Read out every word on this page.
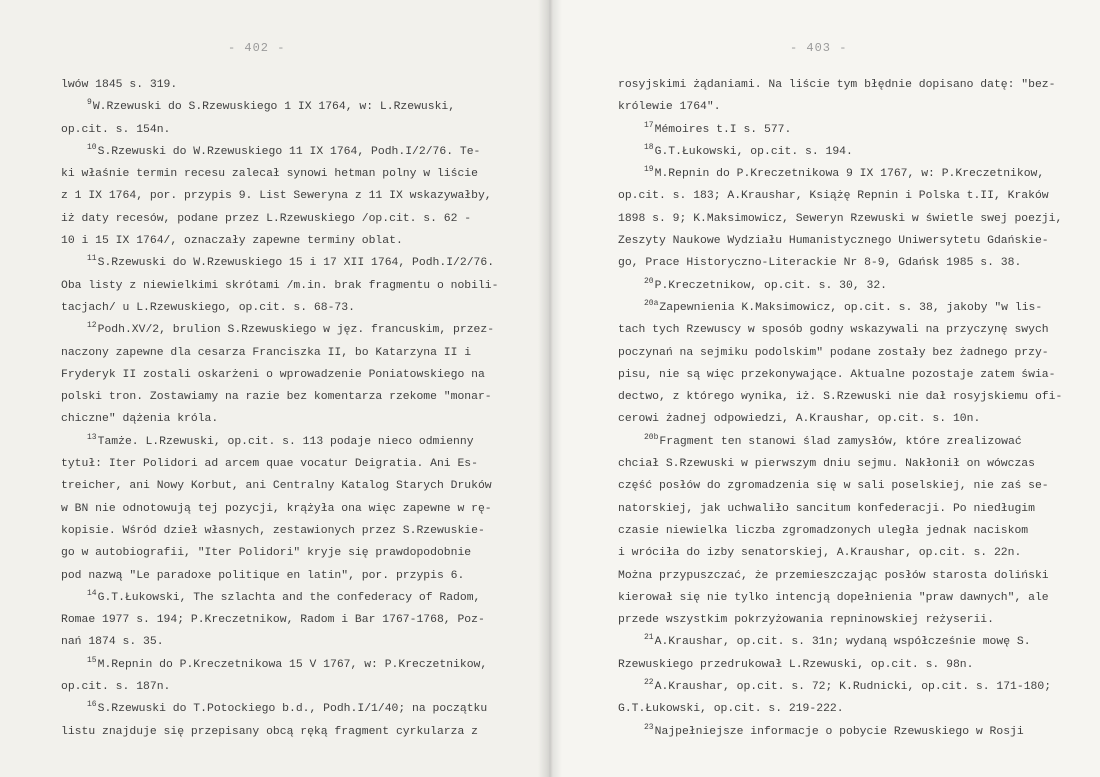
- 402 -
lwów 1845 s. 319.
$^9$W.Rzewuski do S.Rzewuskiego 1 IX 1764, w: L.Rzewuski,
op.cit. s. 154n.
$^{10}$S.Rzewuski do W.Rzewuskiego 11 IX 1764, Podh.I/2/76. Te-
ki właśnie termin recesu zalecał synowi hetman polny w liście
z 1 IX 1764, por. przypis 9. List Seweryna z 11 IX wskazywałby,
iż daty recesów, podane przez L.Rzewuskiego /op.cit. s. 62 -
10 i 15 IX 1764/, oznaczały zapewne terminy oblat.
$^{11}$S.Rzewuski do W.Rzewuskiego 15 i 17 XII 1764, Podh.I/2/76.
Oba listy z niewielkimi skrótami /m.in. brak fragmentu o nobili-
tacjach/ u L.Rzewuskiego, op.cit. s. 68-73.
$^{12}$Podh.XV/2, brulion S.Rzewuskiego w jęz. francuskim, przez-
naczony zapewne dla cesarza Franciszka II, bo Katarzyna II i
Fryderyk II zostali oskarżeni o wprowadzenie Poniatowskiego na
polski tron. Zostawiamy na razie bez komentarza rzekome "monar-
chiczne" dążenia króla.
$^{13}$Tamże. L.Rzewuski, op.cit. s. 113 podaje nieco odmienny
tytuł: Iter Polidori ad arcem quae vocatur Deigratia. Ani Es-
treicher, ani Nowy Korbut, ani Centralny Katalog Starych Druków
w BN nie odnotowują tej pozycji, krążyła ona więc zapewne w rę-
kopisie. Wśród dzieł własnych, zestawionych przez S.Rzewuskie-
go w autobiografii, "Iter Polidori" kryje się prawdopodobnie
pod nazwą "Le paradoxe politique en latin", por. przypis 6.
$^{14}$G.T.Łukowski, The szlachta and the confederacy of Radom,
Romae 1977 s. 194; P.Kreczetnikow, Radom i Bar 1767-1768, Poz-
nań 1874 s. 35.
$^{15}$M.Repnin do P.Kreczetnikowa 15 V 1767, w: P.Kreczetnikow,
op.cit. s. 187n.
$^{16}$S.Rzewuski do T.Potockiego b.d., Podh.I/1/40; na początku
listu znajduje się przepisany obcą ręką fragment cyrkularza z
- 403 -
rosyjskimi żądaniami. Na liście tym błędnie dopisano datę: "bez-
królewie 1764".
$^{17}$Mémoires t.I s. 577.
$^{18}$G.T.Łukowski, op.cit. s. 194.
$^{19}$M.Repnin do P.Kreczetnikowa 9 IX 1767, w: P.Kreczetnikow,
op.cit. s. 183; A.Kraushar, Książę Repnin i Polska t.II, Kraków
1898 s. 9; K.Maksimowicz, Seweryn Rzewuski w świetle swej poezji,
Zeszyty Naukowe Wydziału Humanistycznego Uniwersytetu Gdańskie-
go, Prace Historyczno-Literackie Nr 8-9, Gdańsk 1985 s. 38.
$^{20}$P.Kreczetnikow, op.cit. s. 30, 32.
$^{20a}$Zapewnienia K.Maksimowicz, op.cit. s. 38, jakoby "w lis-
tach tych Rzewuscy w sposób godny wskazywali na przyczynę swych
poczynań na sejmiku podolskim" podane zostały bez żadnego przy-
pisu, nie są więc przekonywające. Aktualne pozostaje zatem świa-
dectwo, z którego wynika, iż. S.Rzewuski nie dał rosyjskiemu ofi-
cerowi żadnej odpowiedzi, A.Kraushar, op.cit. s. 10n.
$^{20b}$Fragment ten stanowi ślad zamysłów, które zrealizować
chciał S.Rzewuski w pierwszym dniu sejmu. Nakłonił on wówczas
część posłów do zgromadzenia się w sali poselskiej, nie zaś se-
natorskiej, jak uchwaliło sancitum konfederacji. Po niedługim
czasie niewielka liczba zgromadzonych uległa jednak naciskom
i wróciła do izby senatorskiej, A.Kraushar, op.cit. s. 22n.
Można przypuszczać, że przemieszczając posłów starosta doliński
kierował się nie tylko intencją dopełnienia "praw dawnych", ale
przede wszystkim pokrzyżowania repninowskiej reżyserii.
$^{21}$A.Kraushar, op.cit. s. 31n; wydaną współcześnie mowę S.
Rzewuskiego przedrukował L.Rzewuski, op.cit. s. 98n.
$^{22}$A.Kraushar, op.cit. s. 72; K.Rudnicki, op.cit. s. 171-180;
G.T.Łukowski, op.cit. s. 219-222.
$^{23}$Najpełniejsze informacje o pobycie Rzewuskiego w Rosji
